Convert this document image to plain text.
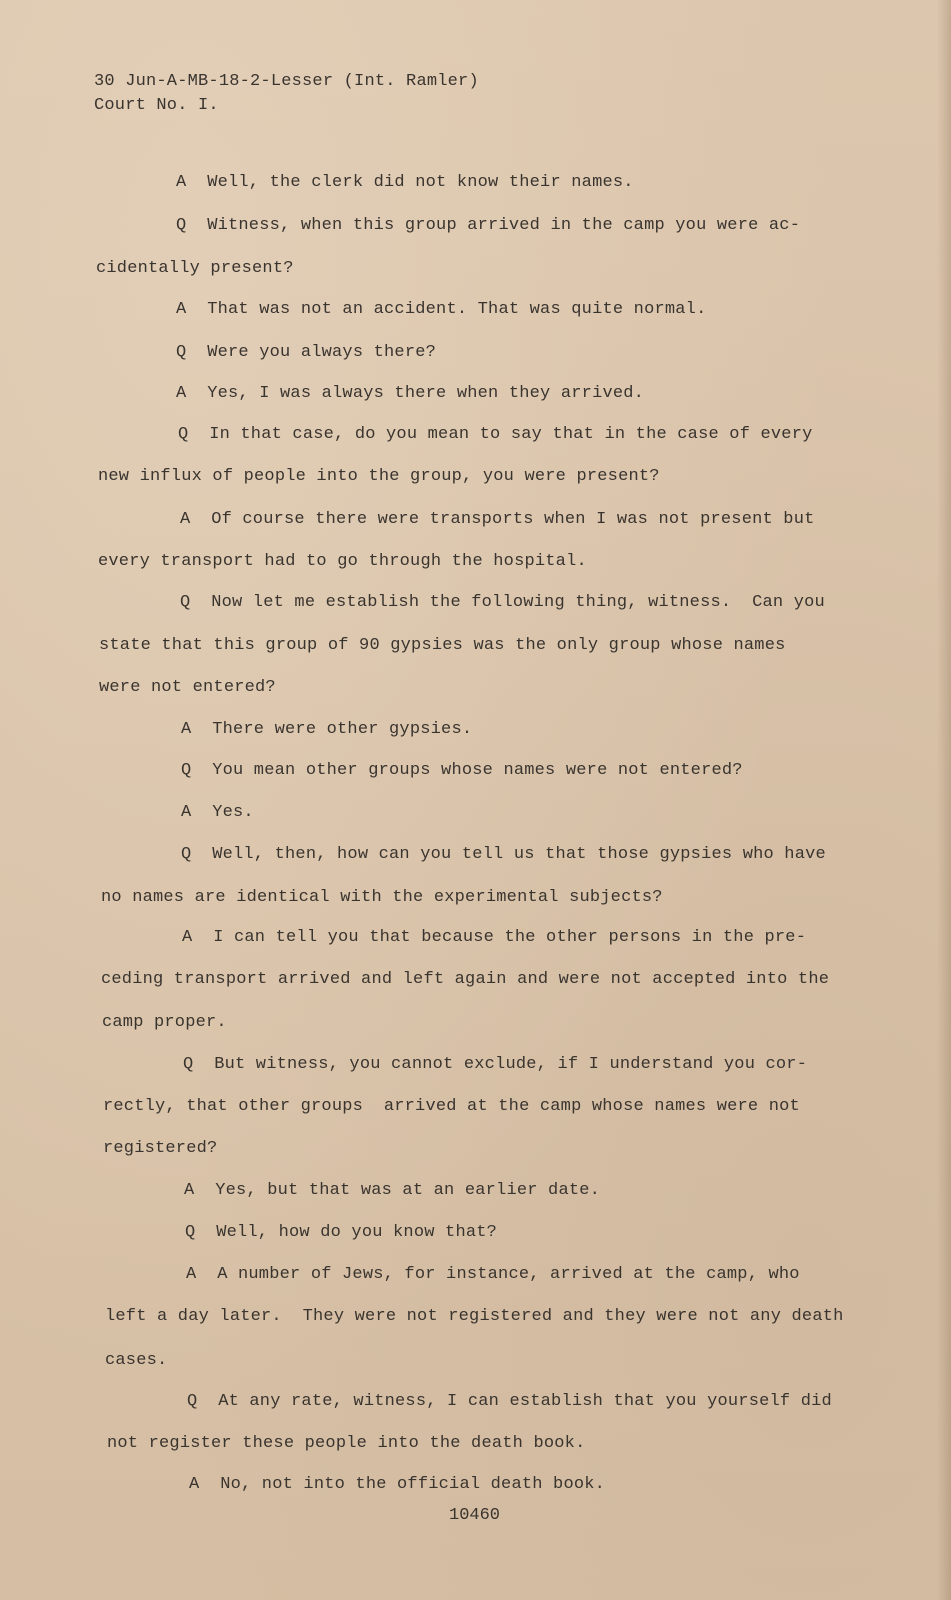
30 Jun-A-MB-18-2-Lesser (Int. Ramler)
Court No. I.
A  Well, the clerk did not know their names.
Q  Witness, when this group arrived in the camp you were ac-
cidentally present?
A  That was not an accident. That was quite normal.
Q  Were you always there?
A  Yes, I was always there when they arrived.
Q  In that case, do you mean to say that in the case of every
new influx of people into the group, you were present?
A  Of course there were transports when I was not present but
every transport had to go through the hospital.
Q  Now let me establish the following thing, witness.  Can you
state that this group of 90 gypsies was the only group whose names
were not entered?
A  There were other gypsies.
Q  You mean other groups whose names were not entered?
A  Yes.
Q  Well, then, how can you tell us that those gypsies who have
no names are identical with the experimental subjects?
A  I can tell you that because the other persons in the pre-
ceding transport arrived and left again and were not accepted into the
camp proper.
Q  But witness, you cannot exclude, if I understand you cor-
rectly, that other groups  arrived at the camp whose names were not
registered?
A  Yes, but that was at an earlier date.
Q  Well, how do you know that?
A  A number of Jews, for instance, arrived at the camp, who
left a day later.  They were not registered and they were not any death
cases.
Q  At any rate, witness, I can establish that you yourself did
not register these people into the death book.
A  No, not into the official death book.
10460
